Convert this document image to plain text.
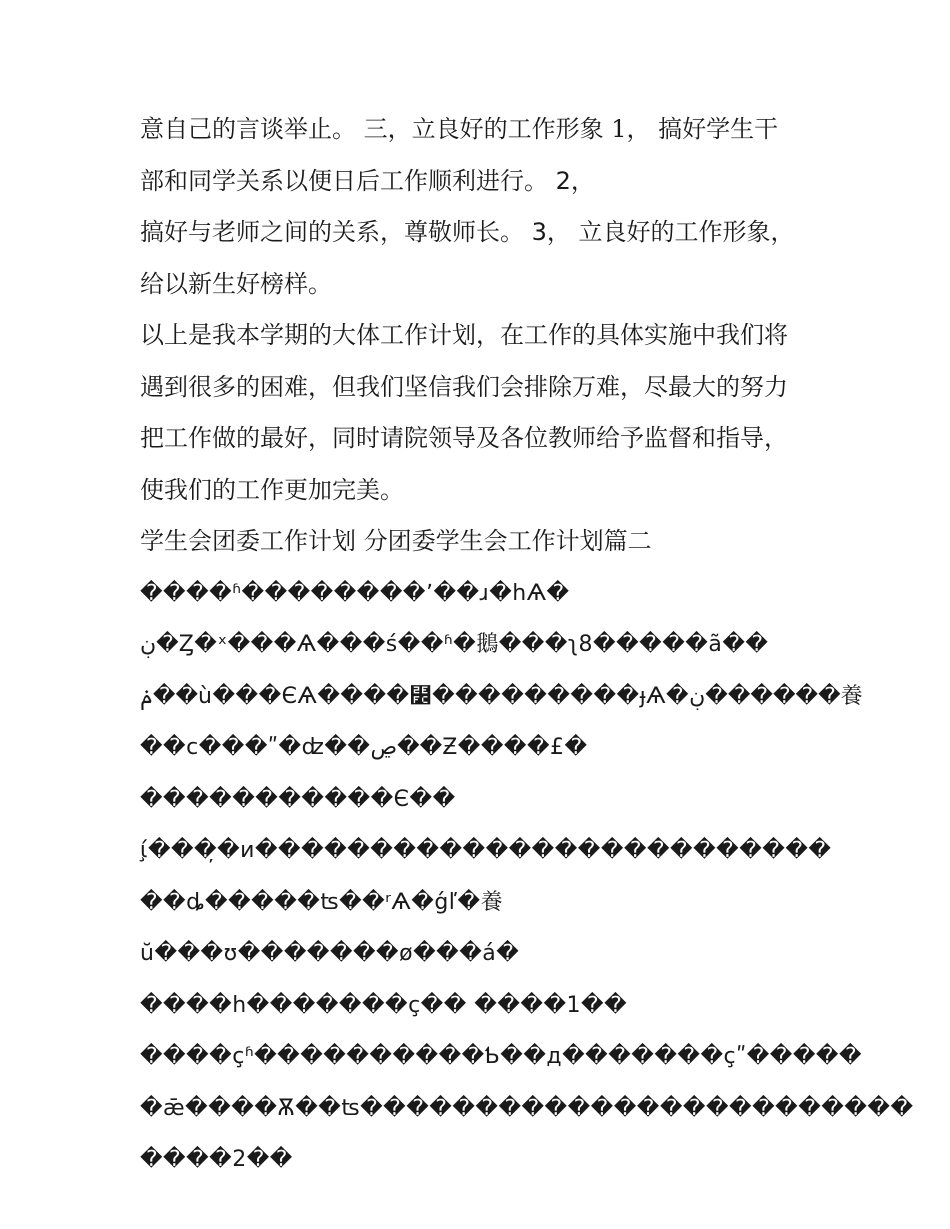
意自己的言谈举止。 三，立良好的工作形象 1， 搞好学生干
部和同学关系以便日后工作顺利进行。 2，
搞好与老师之间的关系，尊敬师长。 3， 立良好的工作形象，
给以新生好榜样。
以上是我本学期的大体工作计划，在工作的具体实施中我们将
遇到很多的困难，但我们坚信我们会排除万难，尽最大的努力
把工作做的最好，同时请院领导及各位教师给予监督和指导，
使我们的工作更加完美。
学生会团委工作计划 分团委学生会工作计划篇二
����ʱ��������ʼ��ɹ�hѦ�
ڹ�Ȥ�ˣ���Ѧ���ś��ʱ�鵝���ʅ8�����ã��
ݥ��ù���ЄѦ����⻼���������ɟѦ�ڹ������養
��c���ʺ�ʣ��ڝ��Ƶ����£�
�����������Є��
ί̧���̦�и�������������������������
��ȡ�����ʦ��ʳѦ�ǵľ�養
ŭ���ʊ�������ø���á�
����h�������ç�� ����1��
����çʱ����������Ƅ��д�������çʺ�����
�ǣ����Ѫ��ʦ������������������������
����2��
